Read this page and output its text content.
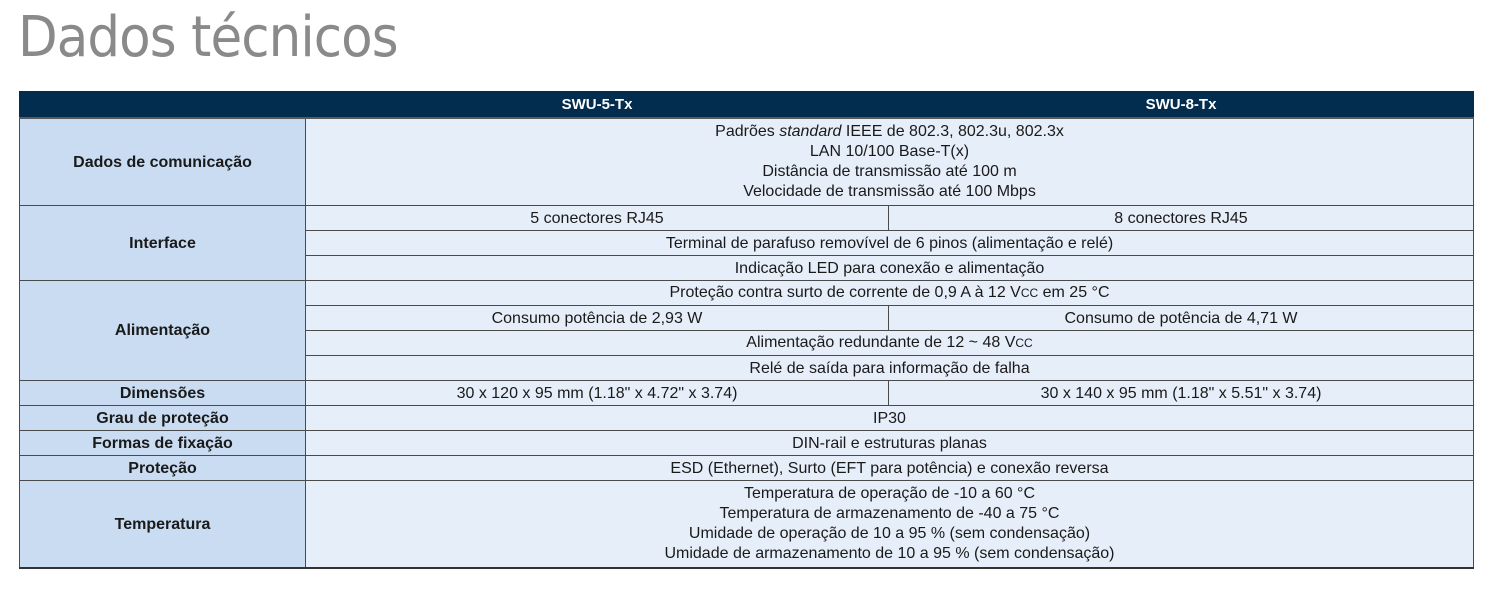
Dados técnicos
	SWU-5-Tx	SWU-8-Tx
Dados de comunicação	Padrões standard IEEE de 802.3, 802.3u, 802.3x
LAN 10/100 Base-T(x)
Distância de transmissão até 100 m
Velocidade de transmissão até 100 Mbps	

Interface	5 conectores RJ45	8 conectores RJ45
	Terminal de parafuso removível de 6 pinos (alimentação e relé)	
	Indicação LED para conexão e alimentação	
Alimentação	Proteção contra surto de corrente de 0,9 A à 12 VCC em 25 °C	
	Consumo potência de 2,93 W	Consumo de potência de 4,71 W
	Alimentação redundante de 12 ~ 48 VCC	
	Relé de saída para informação de falha	
Dimensões	30 x 120 x 95 mm (1.18" x 4.72" x 3.74)	30 x 140 x 95 mm (1.18" x 5.51" x 3.74)
Grau de proteção	IP30	
Formas de fixação	DIN-rail e estruturas planas	
Proteção	ESD (Ethernet), Surto (EFT para potência) e conexão reversa	
Temperatura	Temperatura de operação de -10 a 60 °C
Temperatura de armazenamento de -40 a 75 °C
Umidade de operação de 10 a 95 % (sem condensação)
Umidade de armazenamento de 10 a 95 % (sem condensação)	
